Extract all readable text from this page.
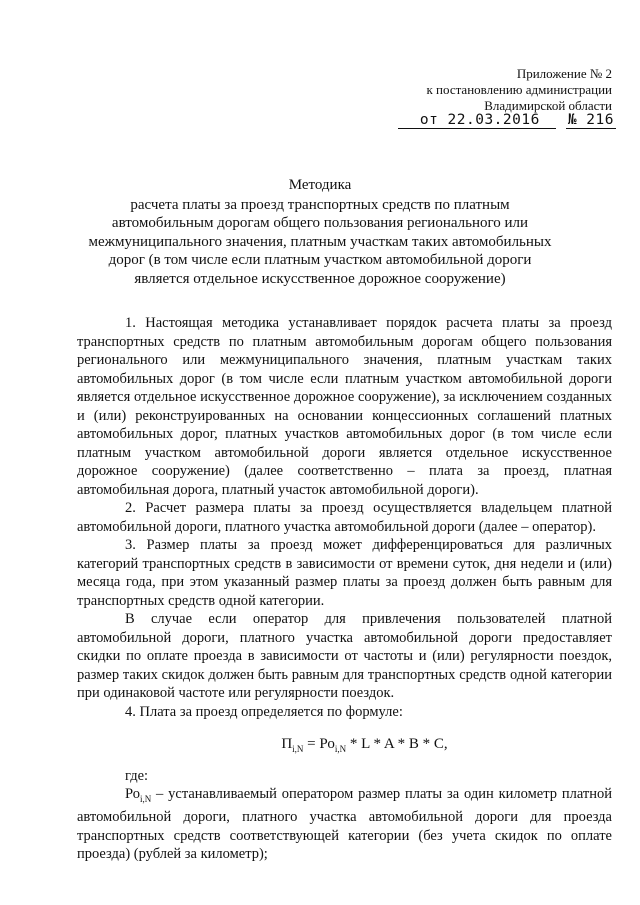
Приложение № 2
к постановлению администрации
Владимирской области
от 22.03.2016 № 216
Методика
расчета платы за проезд транспортных средств по платным автомобильным дорогам общего пользования регионального или межмуниципального значения, платным участкам таких автомобильных дорог (в том числе если платным участком автомобильной дороги является отдельное искусственное дорожное сооружение)

1. Настоящая методика устанавливает порядок расчета платы за проезд транспортных средств по платным автомобильным дорогам общего пользования регионального или межмуниципального значения, платным участкам таких автомобильных дорог (в том числе если платным участком автомобильной дороги является отдельное искусственное дорожное сооружение), за исключением созданных и (или) реконструированных на основании концессионных соглашений платных автомобильных дорог, платных участков автомобильных дорог (в том числе если платным участком автомобильной дороги является отдельное искусственное дорожное сооружение) (далее соответственно – плата за проезд, платная автомобильная дорога, платный участок автомобильной дороги).

2. Расчет размера платы за проезд осуществляется владельцем платной автомобильной дороги, платного участка автомобильной дороги (далее – оператор).

3. Размер платы за проезд может дифференцироваться для различных категорий транспортных средств в зависимости от времени суток, дня недели и (или) месяца года, при этом указанный размер платы за проезд должен быть равным для транспортных средств одной категории.

В случае если оператор для привлечения пользователей платной автомобильной дороги, платного участка автомобильной дороги предоставляет скидки по оплате проезда в зависимости от частоты и (или) регулярности поездок, размер таких скидок должен быть равным для транспортных средств одной категории при одинаковой частоте или регулярности поездок.

4. Плата за проезд определяется по формуле:

$П_{i,N} = Ро_{i,N} * L * A * B * C$,

где:

$Ро_{i,N}$ – устанавливаемый оператором размер платы за один километр платной автомобильной дороги, платного участка автомобильной дороги для проезда транспортных средств соответствующей категории (без учета скидок по оплате проезда) (рублей за километр);
